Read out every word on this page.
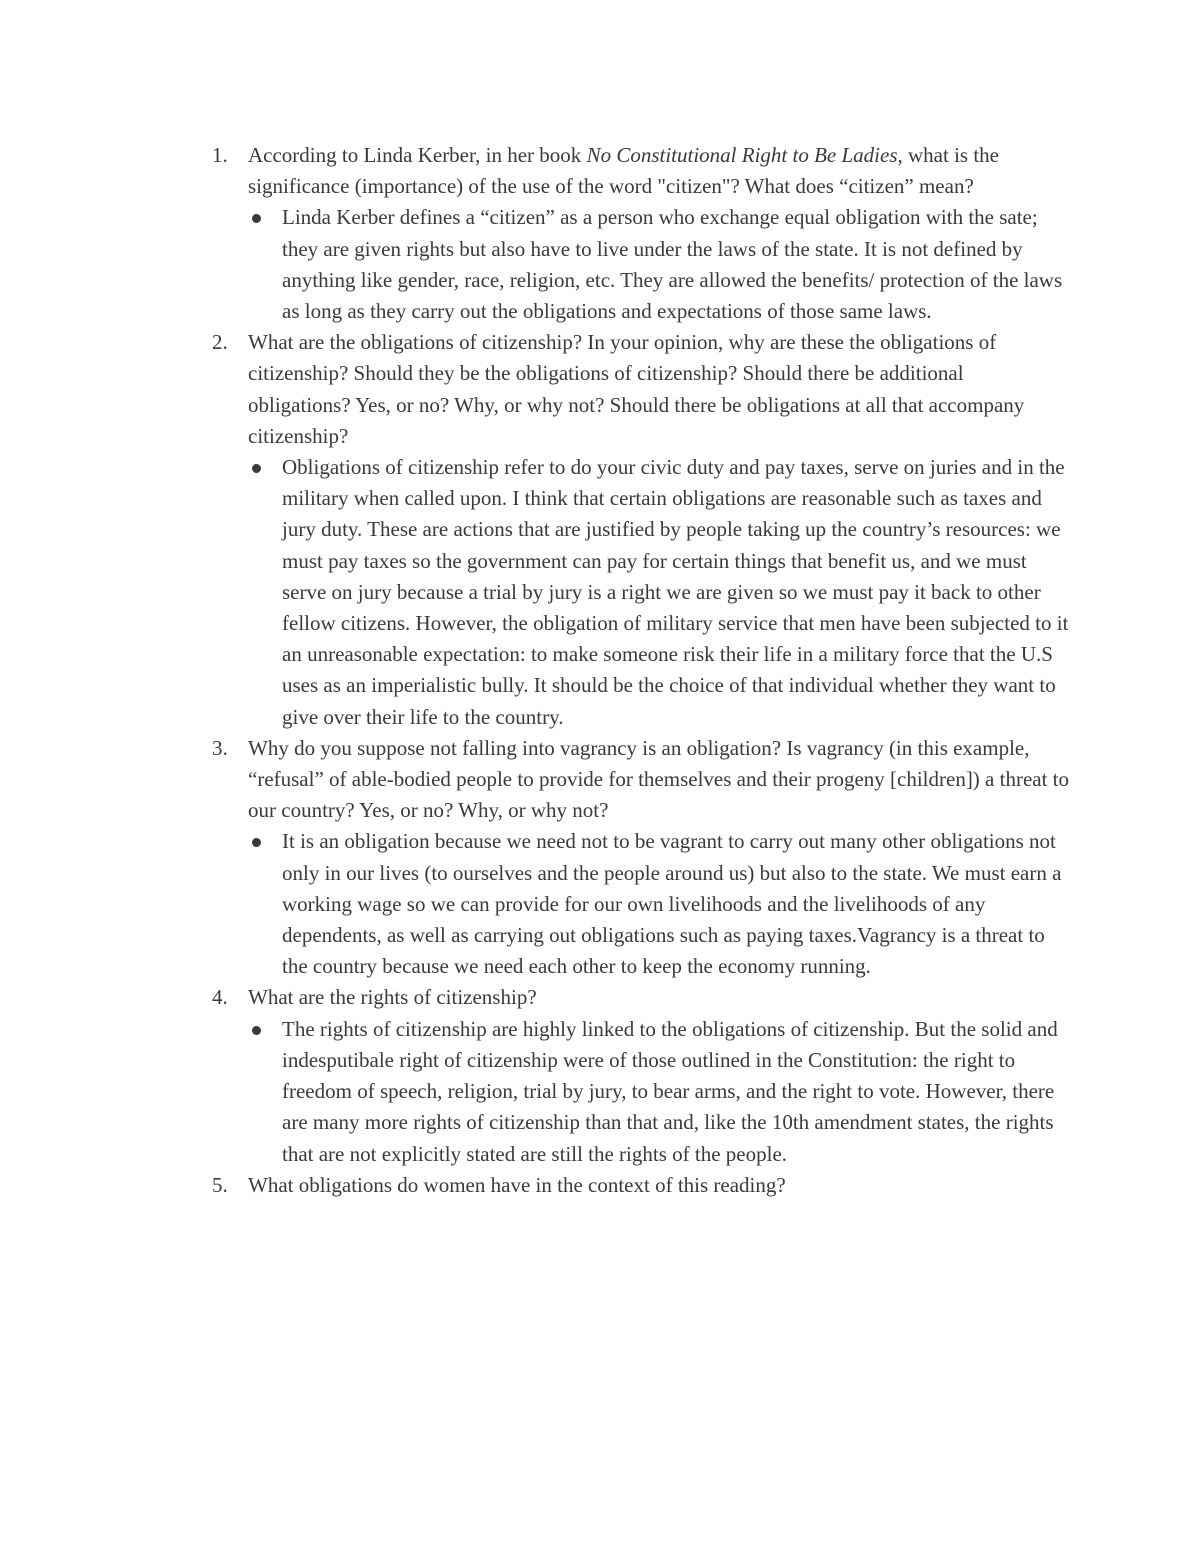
1. According to Linda Kerber, in her book No Constitutional Right to Be Ladies, what is the significance (importance) of the use of the word "citizen"? What does “citizen” mean?
Linda Kerber defines a “citizen” as a person who exchange equal obligation with the sate; they are given rights but also have to live under the laws of the state. It is not defined by anything like gender, race, religion, etc. They are allowed the benefits/ protection of the laws as long as they carry out the obligations and expectations of those same laws.
2. What are the obligations of citizenship? In your opinion, why are these the obligations of citizenship? Should they be the obligations of citizenship? Should there be additional obligations? Yes, or no? Why, or why not? Should there be obligations at all that accompany citizenship?
Obligations of citizenship refer to do your civic duty and pay taxes, serve on juries and in the military when called upon. I think that certain obligations are reasonable such as taxes and jury duty. These are actions that are justified by people taking up the country’s resources: we must pay taxes so the government can pay for certain things that benefit us, and we must serve on jury because a trial by jury is a right we are given so we must pay it back to other fellow citizens. However, the obligation of military service that men have been subjected to it an unreasonable expectation: to make someone risk their life in a military force that the U.S uses as an imperialistic bully. It should be the choice of that individual whether they want to give over their life to the country.
3. Why do you suppose not falling into vagrancy is an obligation? Is vagrancy (in this example, “refusal” of able-bodied people to provide for themselves and their progeny [children]) a threat to our country? Yes, or no? Why, or why not?
It is an obligation because we need not to be vagrant to carry out many other obligations not only in our lives (to ourselves and the people around us) but also to the state. We must earn a working wage so we can provide for our own livelihoods and the livelihoods of any dependents, as well as carrying out obligations such as paying taxes.Vagrancy is a threat to the country because we need each other to keep the economy running.
4. What are the rights of citizenship?
The rights of citizenship are highly linked to the obligations of citizenship. But the solid and indesputibale right of citizenship were of those outlined in the Constitution: the right to freedom of speech, religion, trial by jury, to bear arms, and the right to vote. However, there are many more rights of citizenship than that and, like the 10th amendment states, the rights that are not explicitly stated are still the rights of the people.
5. What obligations do women have in the context of this reading?
